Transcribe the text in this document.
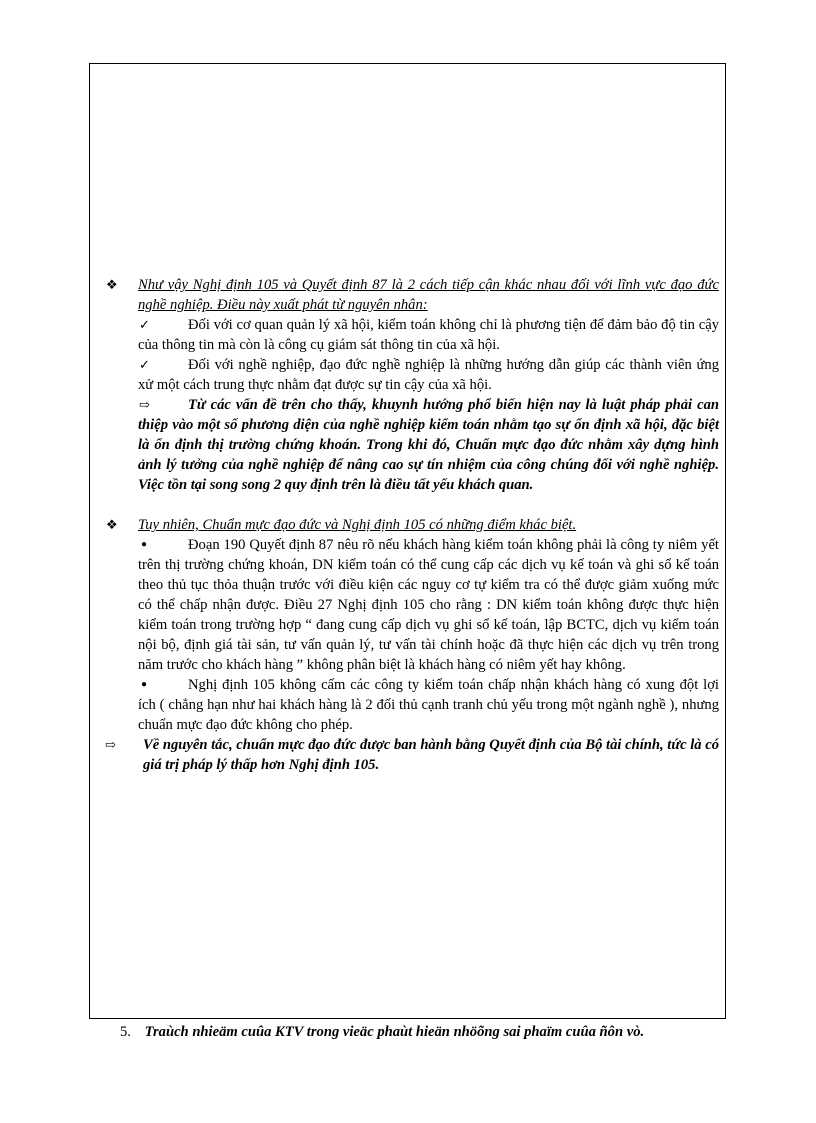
❖ Như vậy Nghị định 105 và Quyết định 87 là 2 cách tiếp cận khác nhau đối với lĩnh vực đạo đức nghề nghiệp. Điều này xuất phát từ nguyên nhân:
✓	Đối với cơ quan quản lý xã hội, kiểm toán không chỉ là phương tiện để đảm bảo độ tin cậy của thông tin mà còn là công cụ giám sát thông tin của xã hội.
✓	Đối với nghề nghiệp, đạo đức nghề nghiệp là những hướng dẫn giúp các thành viên ứng xử một cách trung thực nhằm đạt được sự tin cậy của xã hội.
⇨	Từ các vấn đề trên cho thấy, khuynh hướng phổ biến hiện nay là luật pháp phải can thiệp vào một số phương diện của nghề nghiệp kiểm toán nhằm tạo sự ổn định xã hội, đặc biệt là ổn định thị trường chứng khoán. Trong khi đó, Chuẩn mực đạo đức nhằm xây dựng hình ảnh lý tưởng của nghề nghiệp để nâng cao sự tín nhiệm của công chúng đối với nghề nghiệp. Việc tồn tại song song 2 quy định trên là điều tất yếu khách quan.
❖ Tuy nhiên, Chuẩn mực đạo đức và Nghị định 105 có những điểm khác biệt.
●	Đoạn 190 Quyết định 87 nêu rõ nếu khách hàng kiểm toán không phải là công ty niêm yết trên thị trường chứng khoán, DN kiểm toán có thể cung cấp các dịch vụ kế toán và ghi sổ kế toán theo thủ tục thỏa thuận trước với điều kiện các nguy cơ tự kiểm tra có thể được giảm xuống mức có thể chấp nhận được. Điều 27 Nghị định 105 cho rằng : DN kiểm toán không được thực hiện kiểm toán trong trường hợp “ đang cung cấp dịch vụ ghi sổ kế toán, lập BCTC, dịch vụ kiểm toán nội bộ, định giá tài sản, tư vấn quản lý, tư vấn tài chính hoặc đã thực hiện các dịch vụ trên trong năm trước cho khách hàng ” không phân biệt là khách hàng có niêm yết hay không.
●	Nghị định 105 không cấm các công ty kiểm toán chấp nhận khách hàng có xung đột lợi ích ( chẳng hạn như hai khách hàng là 2 đối thủ cạnh tranh chủ yếu trong một ngành nghề ), nhưng chuẩn mực đạo đức không cho phép.
⇨ Về nguyên tắc, chuẩn mực đạo đức được ban hành bằng Quyết định của Bộ tài chính, tức là có giá trị pháp lý thấp hơn Nghị định 105.
5. Traùch nhieäm cuûa KTV trong vieäc phaùt hieän nhöõng sai phaïm cuûa ñôn vò.
